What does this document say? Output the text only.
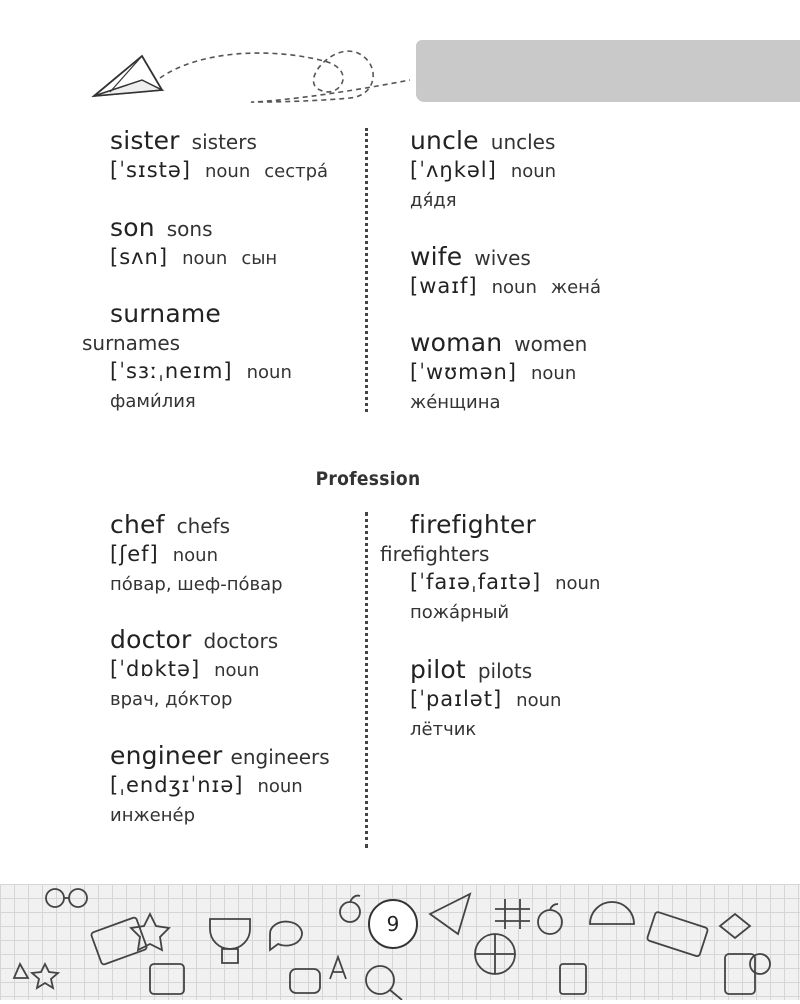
sister sisters
[ˈsɪstə] noun сестрá
son sons
[sʌn] noun сын
surname
surnames
[ˈsɜːˌneɪm] noun
фами́лия
uncle uncles
[ˈʌŋkəl] noun
дя́дя
wife wives
[waɪf] noun женá
woman women
[ˈwʊmən] noun
жéнщина
Profession
chef chefs
[ʃef] noun
пóвар, шеф-пóвар
doctor doctors
[ˈdɒktə] noun
врач, дóктор
engineer engineers
[ˌendʒɪˈnɪə] noun
инженéр
firefighter
firefighters
[ˈfaɪəˌfaɪtə] noun
пожáрный
pilot pilots
[ˈpaɪlət] noun
лётчик
9
